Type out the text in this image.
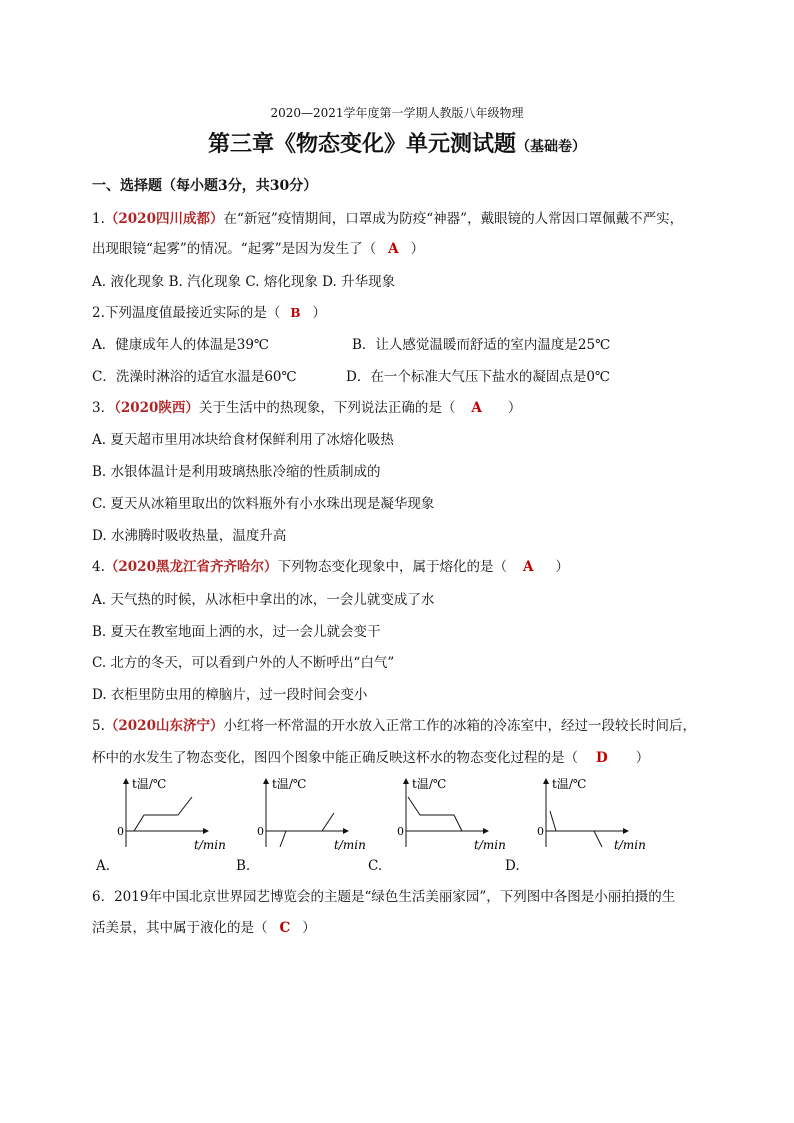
2020—2021学年度第一学期人教版八年级物理
第三章《物态变化》单元测试题（基础卷）
一、选择题（每小题3分，共30分）
1.（2020四川成都）在“新冠”疫情期间，口罩成为防疫“神器”，戴眼镜的人常因口罩佩戴不严实，
出现眼镜“起雾”的情况。“起雾”是因为发生了（ A ）
A. 液化现象 B. 汽化现象 C. 熔化现象 D. 升华现象
2.下列温度值最接近实际的是（ B ）
A．健康成年人的体温是39℃	B．让人感觉温暖而舒适的室内温度是25℃
C．洗澡时淋浴的适宜水温是60℃	D．在一个标准大气压下盐水的凝固点是0℃
3．（2020陕西）关于生活中的热现象，下列说法正确的是（ A ）
A. 夏天超市里用冰块给食材保鲜利用了冰熔化吸热
B. 水银体温计是利用玻璃热胀冷缩的性质制成的
C. 夏天从冰箱里取出的饮料瓶外有小水珠出现是凝华现象
D. 水沸腾时吸收热量，温度升高
4.（2020黑龙江省齐齐哈尔）下列物态变化现象中，属于熔化的是（ A ）
A. 天气热的时候，从冰柜中拿出的冰，一会儿就变成了水
B. 夏天在教室地面上洒的水，过一会儿就会变干
C. 北方的冬天，可以看到户外的人不断呼出“白气”
D. 衣柜里防虫用的樟脑片，过一段时间会变小
5.（2020山东济宁）小红将一杯常温的开水放入正常工作的冰箱的冷冻室中，经过一段较长时间后，
杯中的水发生了物态变化，图四个图象中能正确反映这杯水的物态变化过程的是（ D ）
t温/℃
0
t/min
A.
t温/℃
0
t/min
B.
t温/℃
0
t/min
C.
t温/℃
0
t/min
D.
6．2019年中国北京世界园艺博览会的主题是“绿色生活美丽家园”，下列图中各图是小丽拍摄的生
活美景，其中属于液化的是（ C ）
